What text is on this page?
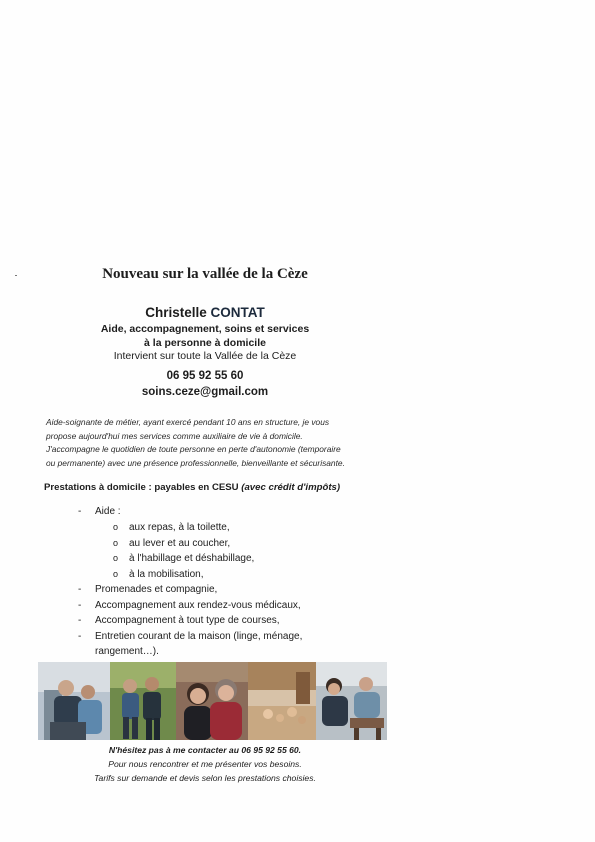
Nouveau sur la vallée de la Cèze
Christelle CONTAT
Aide, accompagnement, soins et services
à la personne à domicile
Intervient sur toute la Vallée de la Cèze
06 95 92 55 60
soins.ceze@gmail.com
Aide-soignante de métier, ayant exercé pendant 10 ans en structure, je vous
propose aujourd'hui mes services comme auxiliaire de vie à domicile.
J'accompagne le quotidien de toute personne en perte d'autonomie (temporaire
ou permanente) avec une présence professionnelle, bienveillante et sécurisante.
Prestations à domicile : payables en CESU (avec crédit d'impôts)
- Aide :
o aux repas, à la toilette,
o au lever et au coucher,
o à l'habillage et déshabillage,
o à la mobilisation,
- Promenades et compagnie,
- Accompagnement aux rendez-vous médicaux,
- Accompagnement à tout type de courses,
- Entretien courant de la maison (linge, ménage,
rangement…).
N'hésitez pas à me contacter au 06 95 92 55 60.
Pour nous rencontrer et me présenter vos besoins.
Tarifs sur demande et devis selon les prestations choisies.
